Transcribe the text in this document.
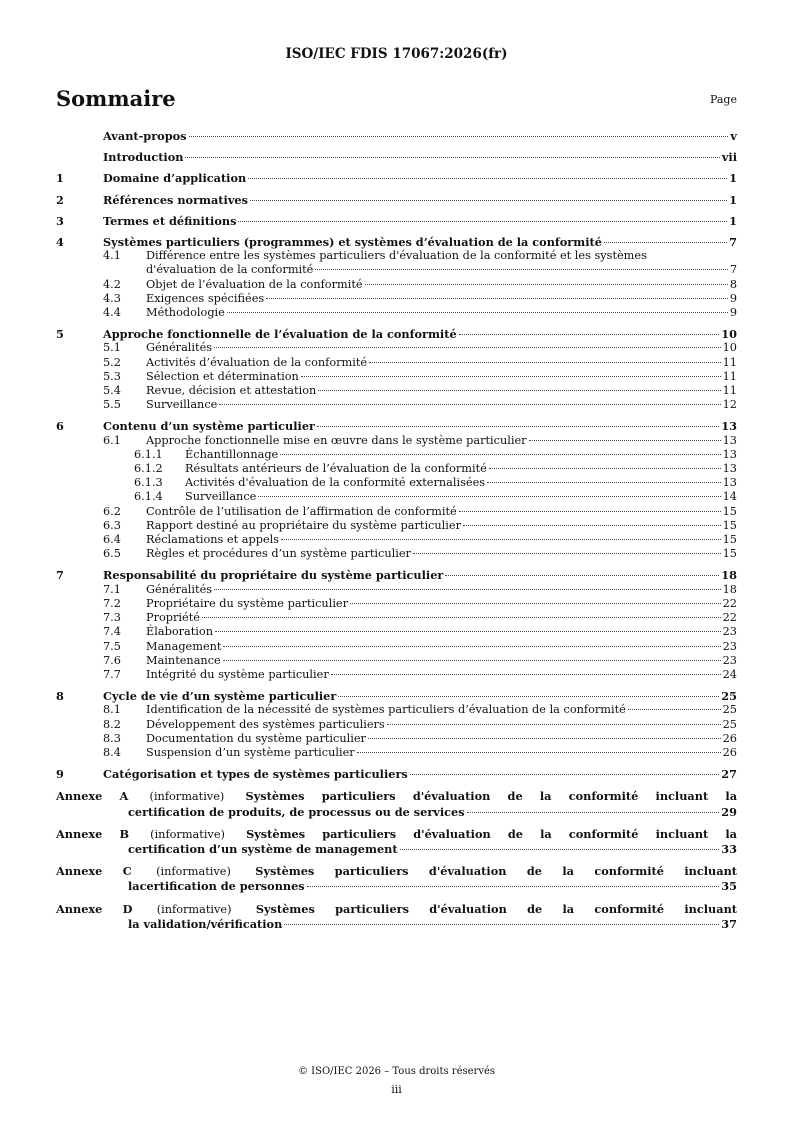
ISO/IEC FDIS 17067:2026(fr)
Sommaire	Page
Avant-propos	v
Introduction	vii
1	Domaine d’application	1
2	Références normatives	1
3	Termes et définitions	1
4	Systèmes particuliers (programmes) et systèmes d’évaluation de la conformité	7
4.1	Différence entre les systèmes particuliers d'évaluation de la conformité et les systèmes
d'évaluation de la conformité	7
4.2	Objet de l’évaluation de la conformité	8
4.3	Exigences spécifiées	9
4.4	Méthodologie	9
5	Approche fonctionnelle de l’évaluation de la conformité	10
5.1	Généralités	10
5.2	Activités d’évaluation de la conformité	11
5.3	Sélection et détermination	11
5.4	Revue, décision et attestation	11
5.5	Surveillance	12
6	Contenu d’un système particulier	13
6.1	Approche fonctionnelle mise en œuvre dans le système particulier	13
6.1.1	Échantillonnage	13
6.1.2	Résultats antérieurs de l’évaluation de la conformité	13
6.1.3	Activités d'évaluation de la conformité externalisées	13
6.1.4	Surveillance	14
6.2	Contrôle de l’utilisation de l’affirmation de conformité	15
6.3	Rapport destiné au propriétaire du système particulier	15
6.4	Réclamations et appels	15
6.5	Règles et procédures d’un système particulier	15
7	Responsabilité du propriétaire du système particulier	18
7.1	Généralités	18
7.2	Propriétaire du système particulier	22
7.3	Propriété	22
7.4	Élaboration	23
7.5	Management	23
7.6	Maintenance	23
7.7	Intégrité du système particulier	24
8	Cycle de vie d’un système particulier	25
8.1	Identification de la nécessité de systèmes particuliers d’évaluation de la conformité	25
8.2	Développement des systèmes particuliers	25
8.3	Documentation du système particulier	26
8.4	Suspension d’un système particulier	26
9	Catégorisation et types de systèmes particuliers	27
Annexe A (informative) Systèmes particuliers d'évaluation de la conformité incluant la
certification de produits, de processus ou de services	29
Annexe B (informative) Systèmes particuliers d'évaluation de la conformité incluant la
certification d’un système de management	33
Annexe C (informative) Systèmes particuliers d'évaluation de la conformité incluant
lacertification de personnes	35
Annexe D (informative) Systèmes particuliers d'évaluation de la conformité incluant
la validation/vérification	37
© ISO/IEC 2026 – Tous droits réservés
iii
